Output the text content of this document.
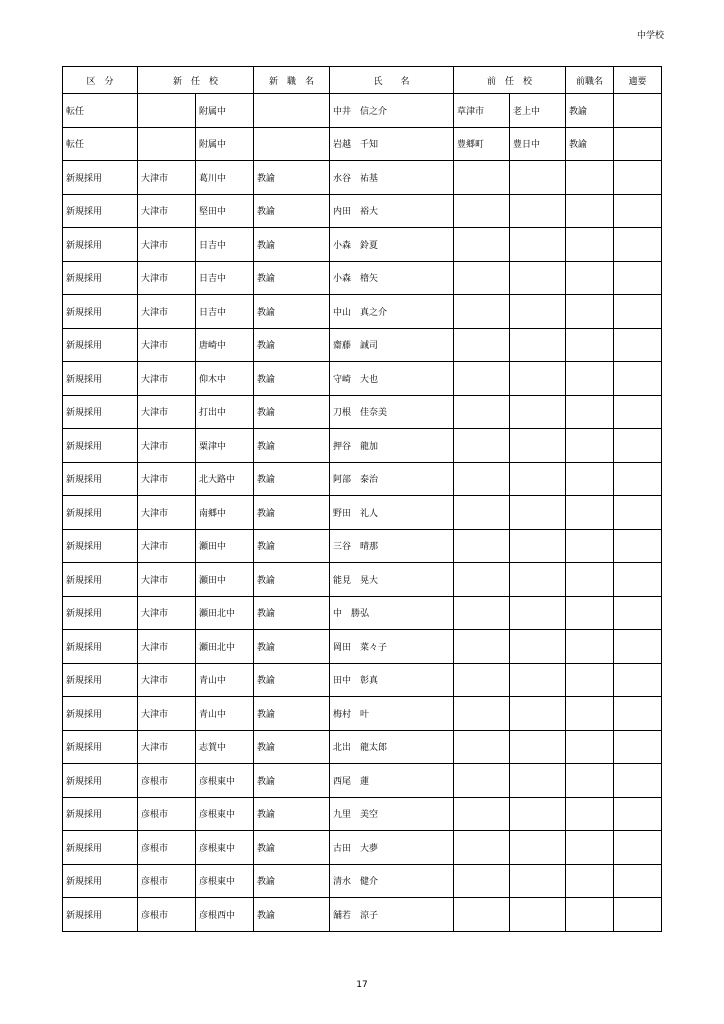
中学校
区　分	新　任　校		新　職　名	氏　　名	前　任　校		前職名	適要
転任		附属中		中井　信之介	草津市	老上中	教諭	
転任		附属中		岩越　千知	豊郷町	豊日中	教諭	
新規採用	大津市	葛川中	教諭	水谷　祐基				
新規採用	大津市	堅田中	教諭	内田　裕大				
新規採用	大津市	日吉中	教諭	小森　鈴夏				
新規採用	大津市	日吉中	教諭	小森　楕矢				
新規採用	大津市	日吉中	教諭	中山　真之介				
新規採用	大津市	唐崎中	教諭	齋藤　誠司				
新規採用	大津市	仰木中	教諭	守崎　大也				
新規採用	大津市	打出中	教諭	刀根　佳奈美				
新規採用	大津市	粟津中	教諭	押谷　龍加				
新規採用	大津市	北大路中	教諭	阿部　泰治				
新規採用	大津市	南郷中	教諭	野田　礼人				
新規採用	大津市	瀬田中	教諭	三谷　晴那				
新規採用	大津市	瀬田中	教諭	能見　晃大				
新規採用	大津市	瀬田北中	教諭	中　勝弘				
新規採用	大津市	瀬田北中	教諭	岡田　菜々子				
新規採用	大津市	青山中	教諭	田中　彰真				
新規採用	大津市	青山中	教諭	梅村　叶				
新規採用	大津市	志賀中	教諭	北出　龍太郎				
新規採用	彦根市	彦根東中	教諭	西尾　蓮				
新規採用	彦根市	彦根東中	教諭	九里　美空				
新規採用	彦根市	彦根東中	教諭	古田　大夢				
新規採用	彦根市	彦根東中	教諭	清水　健介				
新規採用	彦根市	彦根西中	教諭	舗若　涼子				
17
